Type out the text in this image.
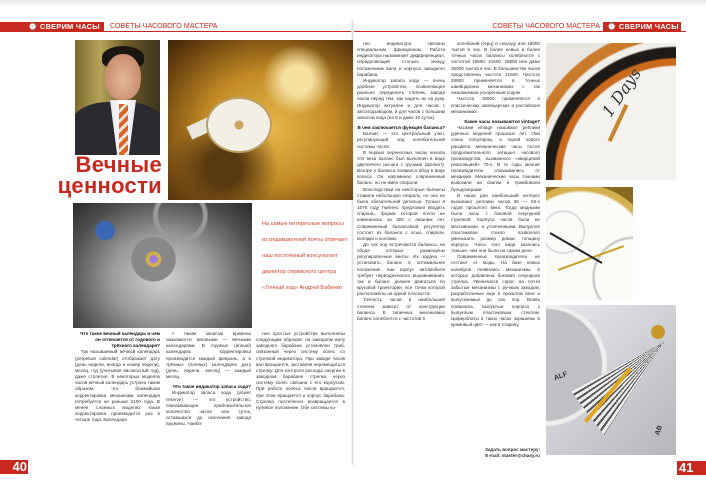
⌚ СВЕРИМ ЧАСЫ	СОВЕТЫ ЧАСОВОГО МАСТЕРА	СОВЕТЫ ЧАСОВОГО МАСТЕРА ⌚ СВЕРИМ ЧАСЫ
Вечные
ценности
На самые интересные вопросы из редакционной почты отвечает наш постоянный консультант директор сервисного центра «Точный ход» Андрей Бабенко

Что такое вечный календарь и чем он отличается от годового и трёхного календаря?

Так называемый вечный календарь (perpetual calendar) отображает дату (день недели, иногда и номер недели), месяц, год (учитывая високосный год), даже столетие. В некоторых моделях часов вечный календарь устроен таким образом, что ближайшая корректировка механизма календаря потребуется не раньше 2100 года. В менее сложных моделях такая корректировка производится раз в четыре года. Календари

с таким запасом времени называются вековыми — вечными календарями. В годовых (annual) календарях корректировка производится каждый февраль, а в трёхных (полных) календарях дату (день, недели, месяц) — каждый месяц.

Что такое индикатор запаса хода?

Индикатор запаса хода (power reserve) — это устройство, показывающее приблизительное количество часов или суток, оставшихся до окончания завода пружины. Наибо-

лее простые устройства выполнены следующим образом: на заводном валу заводного барабана установлен триб, связанный через систему колес со стрелкой индикатора. При заводе часов вал вращается, заставляя перемещаться стрелку. Для контроля расхода энергии в заводном барабане стрелка через систему колес связана с его корпусом. При работе колеса часов вращаются, при этом вращается и корпус барабана. Стрелка постепенно возвращается в нулевое положение. Обе системы ко-

40

лес индикатора связаны специальным фрикционом. Работа индикатора напоминает дифференциал, определяющий столько между положением вала и корпуса заводного барабана.

Индикатор запаса хода — очень удобное устройство, позволяющее реально определить степень завода часов перед тем, как надеть их на руку. Индикатор актуален и для часов с автоподзаводом, и для часов с большим запасом хода (на 8 и даже 10 суток).

В чем заключается функция баланса?

Баланс — это центральный узел, регулирующий ход колебательной системы часов.

В первых переносных часах начала XVI века баланс был выполнен в виде двуплечего рычага с грузами (фолиот). Вскоре у баланса появился обод в виде колеса. Он напоминал современный баланс, но не имел спирали.

Впоследствии на некоторые балансы ставили небольшую спираль, но она не была обязательной деталью. Только в 1675 году Гюйгенс предложил вводить спираль, форма которой почти не изменилась за 300 с лишним лет. Современный балансовый регулятор состоит из баланса с осью, спирали, колодки и колонки.

До сих пор встречаются балансы, на ободе которых размещены регулировочные винты. Их задача — установить баланс в оптимальное положение. Как корпус автомобиля требует периодического выравнивания, так и баланс должен двигаться по круговой траектории, все точки которой расположены на одной плоскости.

Точность часов в наибольшей степени зависит от конструкции баланса. В типичных механизмах баланс колеблется с частотой 5

колебаний (герц) в секунду или 18000 тактов в час. В более новых и более точных часах балансы колеблются с частотой 19800, 21600, 28800 или даже 36000 тактов в час. В большинстве часов представлена частота 21600. Частота 28800 применяется в точных швейцарских механизмах с так называемым ускоренным ходом.

Частота 18000 применяется в классических швейцарских и российских механизмах.

Какие часы называются vintage?

Часами vintage называют реплики удачных моделей прошлых лет. Они очень популярны, а порой нового расцвета механические часы после продолжительного затишья часового производства, вызванного «кварцевой революцией» 70-х. В те годы многие производители отказывались от механики. Механические часы тоннами вывозили на свалки и трамбовали бульдозерами.

В наши дни наибольший интерес вызывают реплики часов 30 — 50-х годов прошлого века. Тогда модными были часы с боковой секундной стрелкой. Корпуса часов были не массивными, а утонченными. Выпуклое пластиковое стекло позволяло уменьшить размер рамки, толщину корпуса. Часы того вида казались тоньше, чем они были на самом деле.

Современные производители не отстают от моды. На базе новых калибров появились механизмы, в которых добавлена боковая секундная стрелка. Увеличился спрос на почти забытые механизмы с ручным заводом, разработанные еще в прошлом веке и выпускаемые до сих пор. Вновь появились выпуклые корпуса с выпуклым пластиковым стеклом. Циферблаты в таких часах окрашены в кремовый цвет — как в старину.

Задать вопрос мастеру:

E-mail: master@chasy.ru

1 Days
ALF
AB
41
